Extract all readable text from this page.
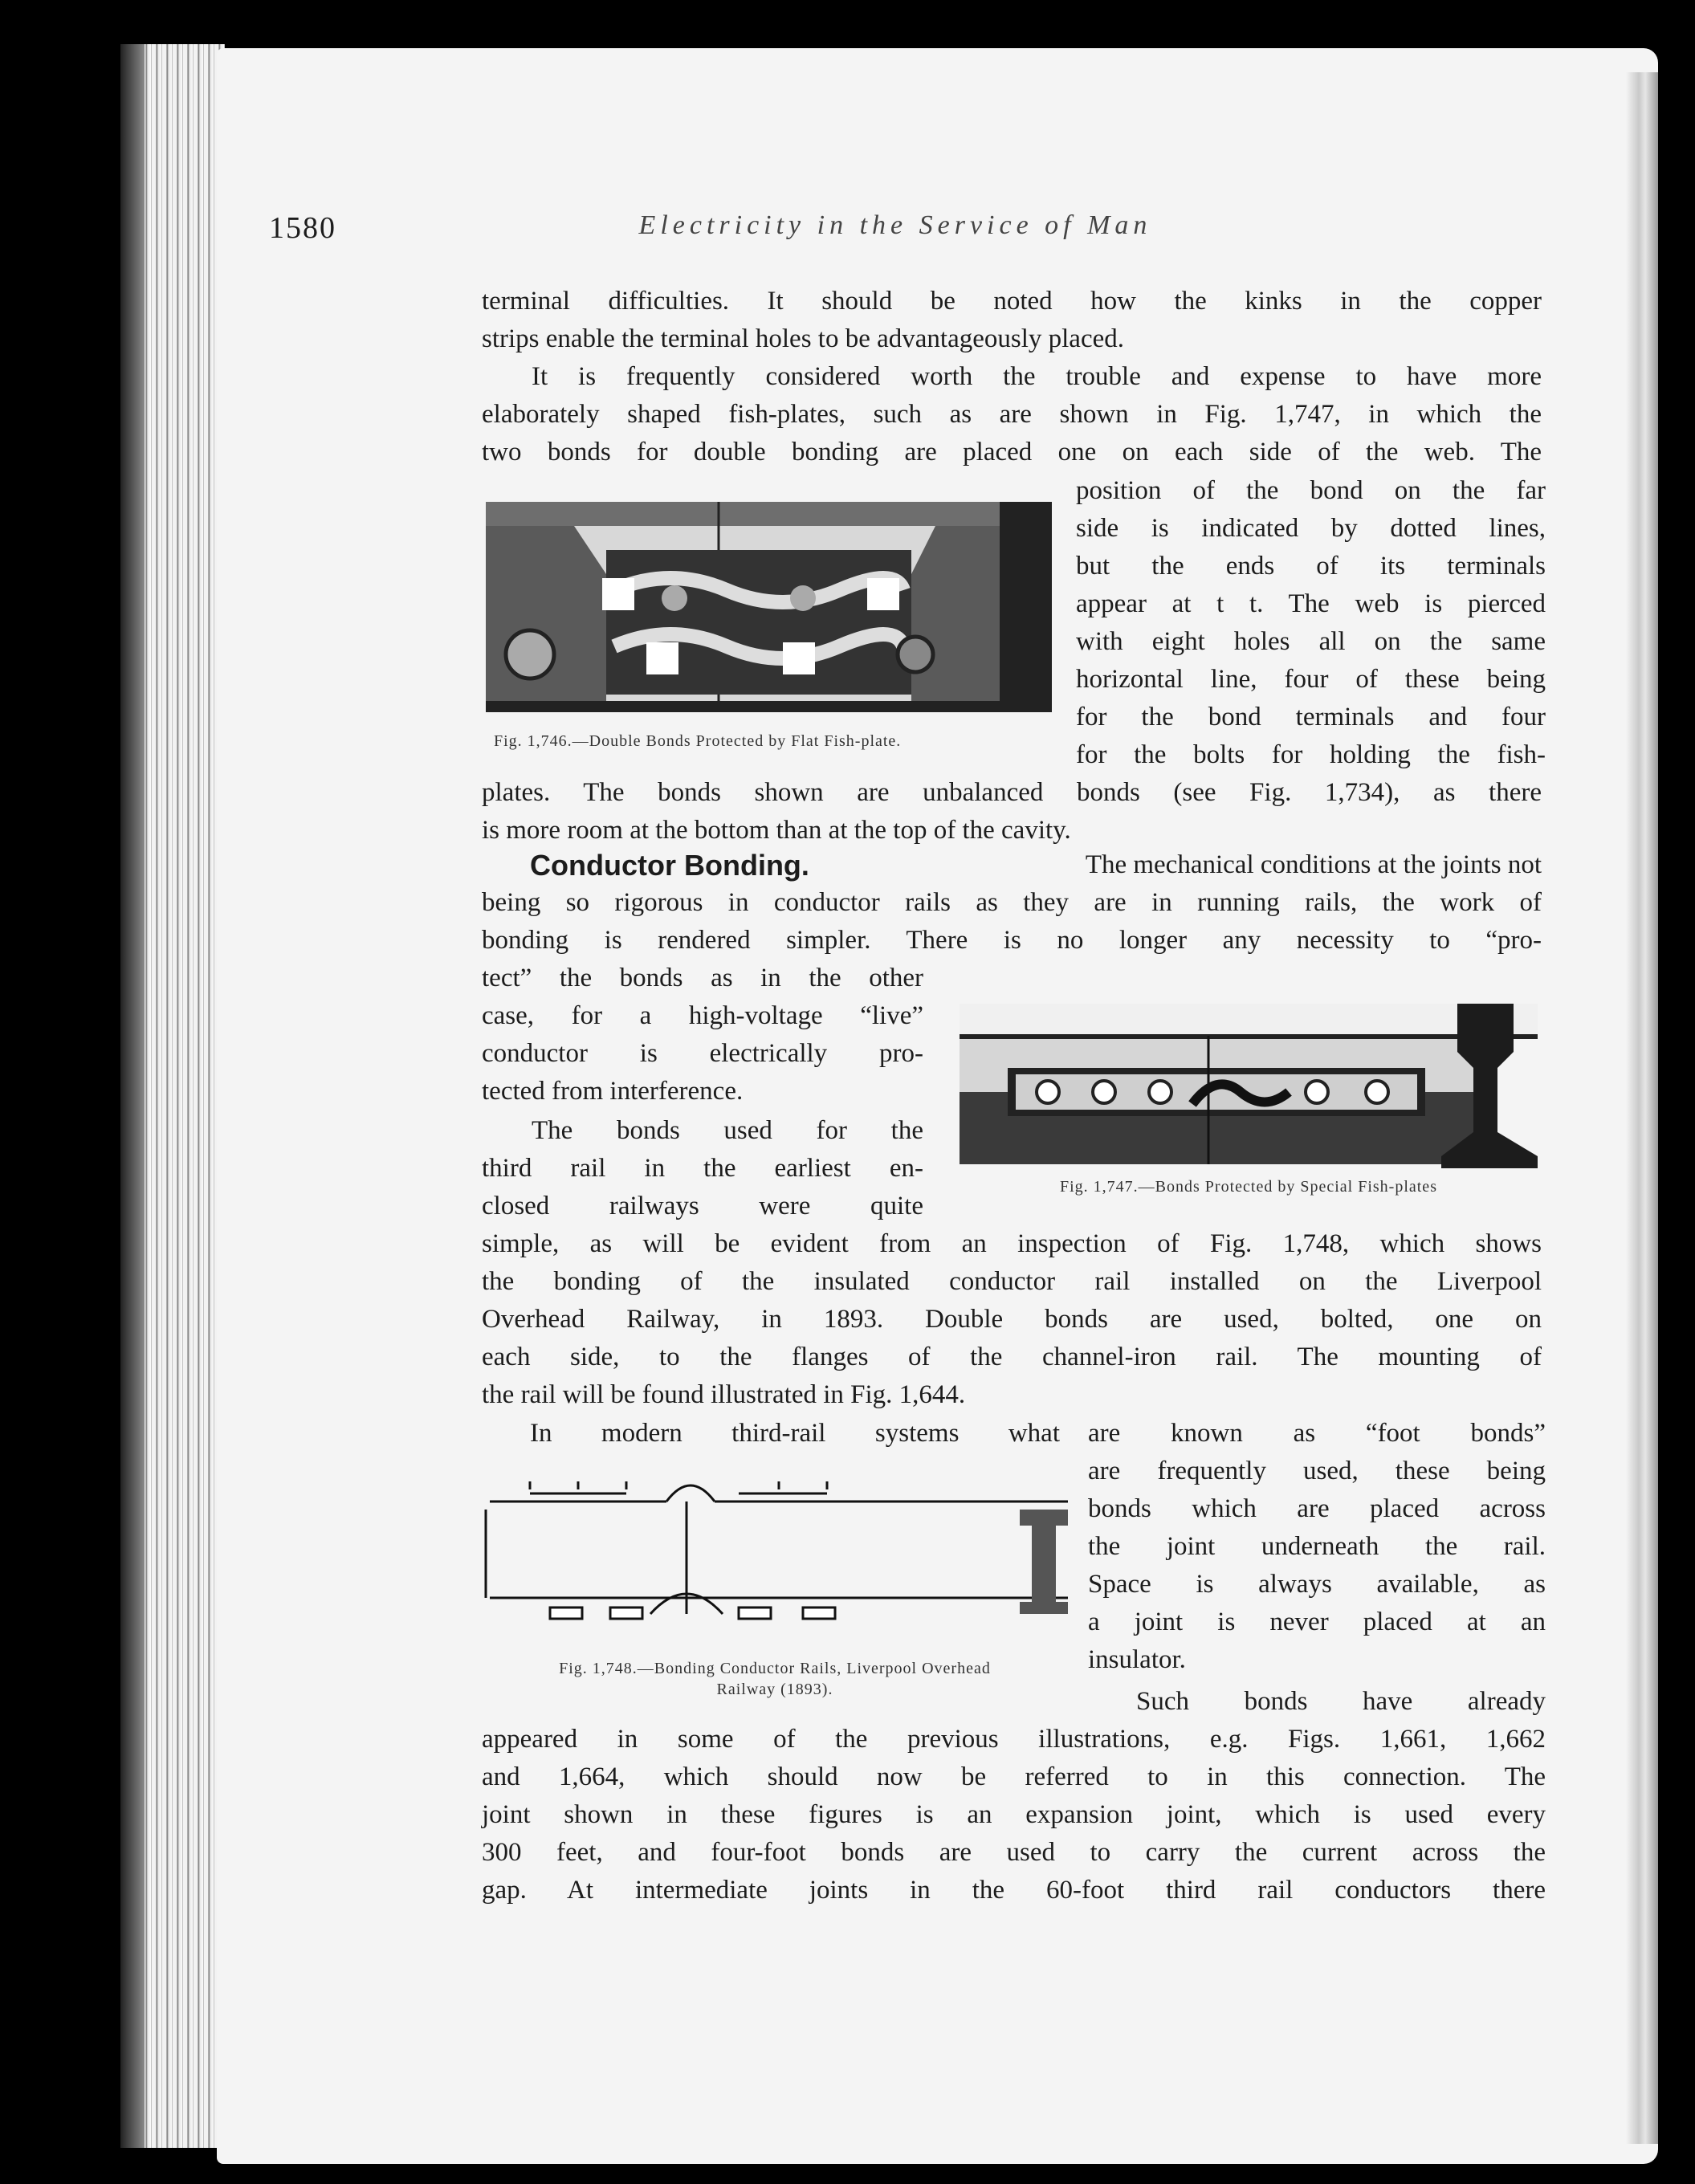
1580	Electricity in the Service of Man
terminal difficulties. It should be noted how the kinks in the copper
strips enable the terminal holes to be advantageously placed.
It is frequently considered worth the trouble and expense to have more
elaborately shaped fish-plates, such as are shown in Fig. 1,747, in which the
two bonds for double bonding are placed one on each side of the web. The
Fig. 1,746.—Double Bonds Protected by Flat Fish-plate.
position of the bond on the far
side is indicated by dotted lines,
but the ends of its terminals
appear at t t. The web is pierced
with eight holes all on the same
horizontal line, four of these being
for the bond terminals and four
for the bolts for holding the fish-
plates. The bonds shown are unbalanced bonds (see Fig. 1,734), as there
is more room at the bottom than at the top of the cavity.
Conductor Bonding.	The mechanical conditions at the joints not
being so rigorous in conductor rails as they are in running rails, the work of
bonding is rendered simpler. There is no longer any necessity to “pro-
tect” the bonds as in the other
case, for a high-voltage “live”
conductor is electrically pro-
tected from interference.
The bonds used for the
third rail in the earliest en-
closed railways were quite
Fig. 1,747.—Bonds Protected by Special Fish-plates
simple, as will be evident from an inspection of Fig. 1,748, which shows
the bonding of the insulated conductor rail installed on the Liverpool
Overhead Railway, in 1893. Double bonds are used, bolted, one on
each side, to the flanges of the channel-iron rail. The mounting of
the rail will be found illustrated in Fig. 1,644.
In modern third-rail systems what
Fig. 1,748.—Bonding Conductor Rails, Liverpool Overhead
Railway (1893).
are known as “foot bonds”
are frequently used, these being
bonds which are placed across
the joint underneath the rail.
Space is always available, as
a joint is never placed at an
insulator.
Such bonds have already
appeared in some of the previous illustrations, e.g. Figs. 1,661, 1,662
and 1,664, which should now be referred to in this connection. The
joint shown in these figures is an expansion joint, which is used every
300 feet, and four-foot bonds are used to carry the current across the
gap. At intermediate joints in the 60-foot third rail conductors there
